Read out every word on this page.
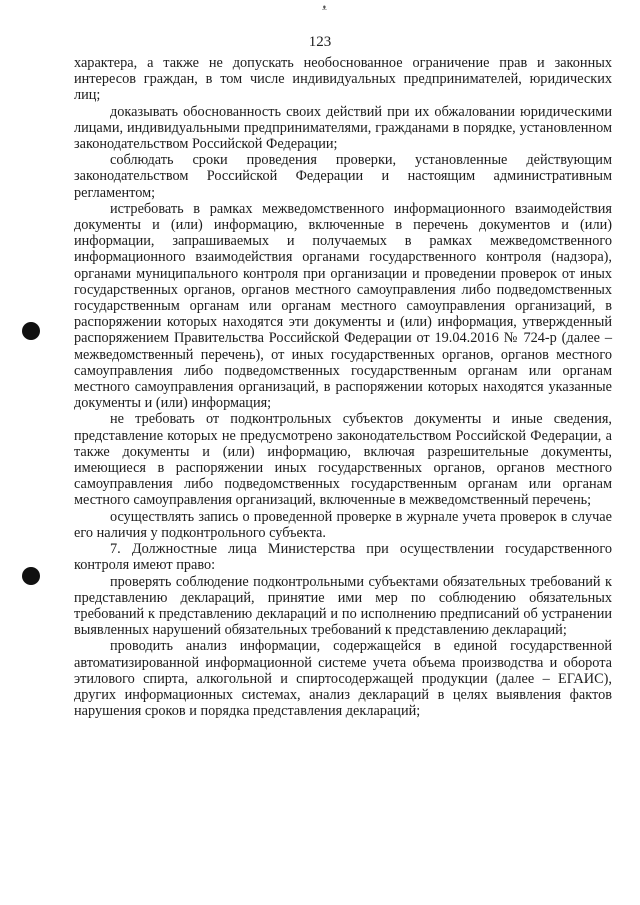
ᴥ
123

характера, а также не допускать необоснованное ограничение прав и законных интересов граждан, в том числе индивидуальных предпринимателей, юридических лиц;

доказывать обоснованность своих действий при их обжаловании юридическими лицами, индивидуальными предпринимателями, гражданами в порядке, установленном законодательством Российской Федерации;

соблюдать сроки проведения проверки, установленные действующим законодательством Российской Федерации и настоящим административным регламентом;

истребовать в рамках межведомственного информационного взаимодействия документы и (или) информацию, включенные в перечень документов и (или) информации, запрашиваемых и получаемых в рамках межведомственного информационного взаимодействия органами государственного контроля (надзора), органами муниципального контроля при организации и проведении проверок от иных государственных органов, органов местного самоуправления либо подведомственных государственным органам или органам местного самоуправления организаций, в распоряжении которых находятся эти документы и (или) информация, утвержденный распоряжением Правительства Российской Федерации от 19.04.2016 № 724-р (далее – межведомственный перечень), от иных государственных органов, органов местного самоуправления либо подведомственных государственным органам или органам местного самоуправления организаций, в распоряжении которых находятся указанные документы и (или) информация;

не требовать от подконтрольных субъектов документы и иные сведения, представление которых не предусмотрено законодательством Российской Федерации, а также документы и (или) информацию, включая разрешительные документы, имеющиеся в распоряжении иных государственных органов, органов местного самоуправления либо подведомственных государственным органам или органам местного самоуправления организаций, включенные в межведомственный перечень;

осуществлять запись о проведенной проверке в журнале учета проверок в случае его наличия у подконтрольного субъекта.

7. Должностные лица Министерства при осуществлении государственного контроля имеют право:

проверять соблюдение подконтрольными субъектами обязательных требований к представлению деклараций, принятие ими мер по соблюдению обязательных требований к представлению деклараций и по исполнению предписаний об устранении выявленных нарушений обязательных требований к представлению деклараций;

проводить анализ информации, содержащейся в единой государственной автоматизированной информационной системе учета объема производства и оборота этилового спирта, алкогольной и спиртосодержащей продукции (далее – ЕГАИС), других информационных системах, анализ деклараций в целях выявления фактов нарушения сроков и порядка представления деклараций;
